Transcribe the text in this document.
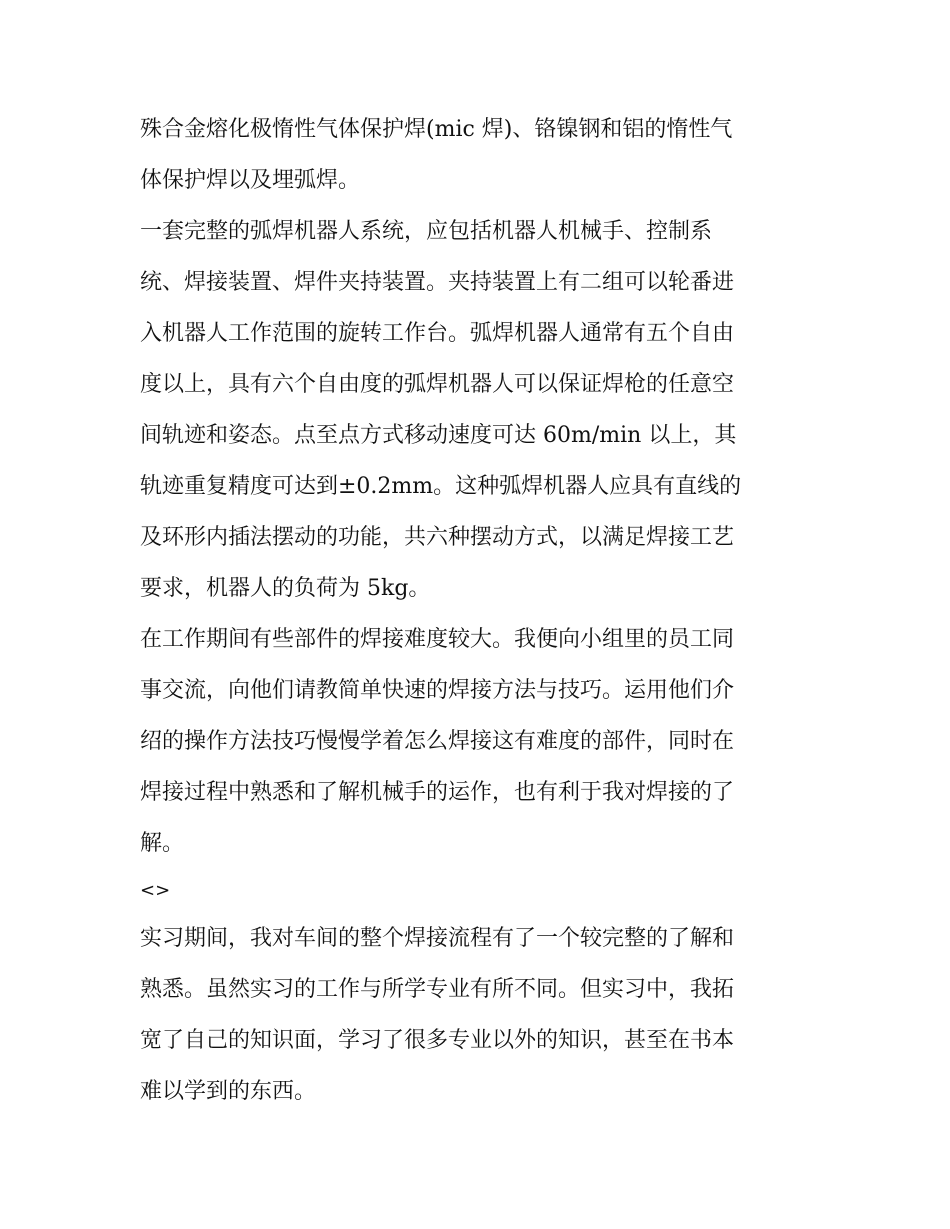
殊合金熔化极惰性气体保护焊(mic 焊)、铬镍钢和铝的惰性气
体保护焊以及埋弧焊。
一套完整的弧焊机器人系统，应包括机器人机械手、控制系
统、焊接装置、焊件夹持装置。夹持装置上有二组可以轮番进
入机器人工作范围的旋转工作台。弧焊机器人通常有五个自由
度以上，具有六个自由度的弧焊机器人可以保证焊枪的任意空
间轨迹和姿态。点至点方式移动速度可达 60m/min 以上，其
轨迹重复精度可达到±0.2mm。这种弧焊机器人应具有直线的
及环形内插法摆动的功能，共六种摆动方式，以满足焊接工艺
要求，机器人的负荷为 5kg。
在工作期间有些部件的焊接难度较大。我便向小组里的员工同
事交流，向他们请教简单快速的焊接方法与技巧。运用他们介
绍的操作方法技巧慢慢学着怎么焊接这有难度的部件，同时在
焊接过程中熟悉和了解机械手的运作，也有利于我对焊接的了
解。
<>
实习期间，我对车间的整个焊接流程有了一个较完整的了解和
熟悉。虽然实习的工作与所学专业有所不同。但实习中，我拓
宽了自己的知识面，学习了很多专业以外的知识，甚至在书本
难以学到的东西。
